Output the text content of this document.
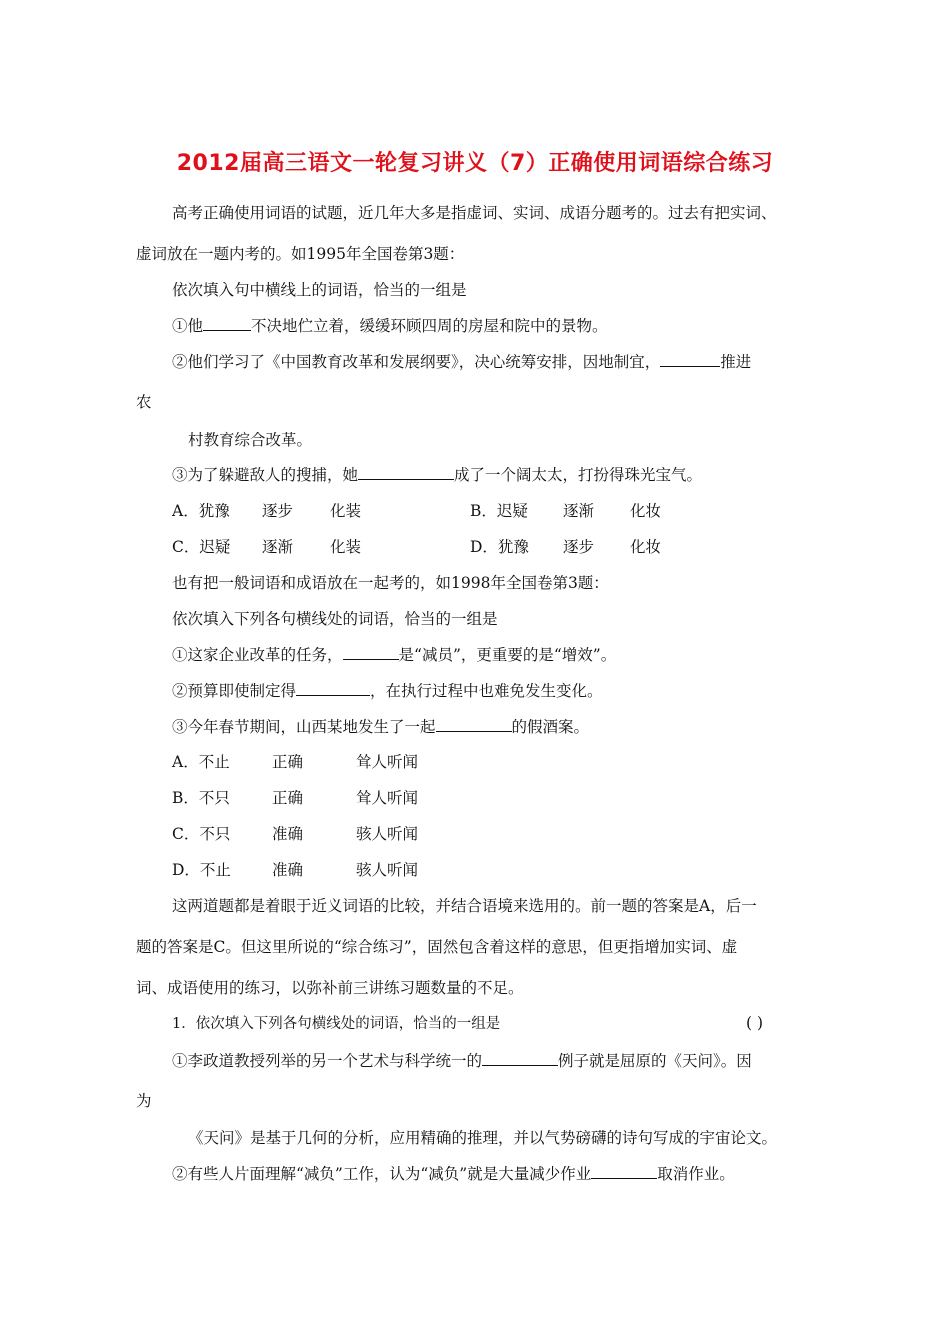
2012届高三语文一轮复习讲义（7）正确使用词语综合练习
高考正确使用词语的试题，近几年大多是指虚词、实词、成语分题考的。过去有把实词、
虚词放在一题内考的。如1995年全国卷第3题：
依次填入句中横线上的词语，恰当的一组是
①他	不决地伫立着，缓缓环顾四周的房屋和院中的景物。
②他们学习了《中国教育改革和发展纲要》，决心统筹安排，因地制宜，	推进
农
村教育综合改革。
③为了躲避敌人的搜捕，她	成了一个阔太太，打扮得珠光宝气。
A．犹豫 逐步 化装	B．迟疑 逐渐 化妆
C．迟疑 逐渐 化装	D．犹豫 逐步 化妆
也有把一般词语和成语放在一起考的，如1998年全国卷第3题：
依次填入下列各句横线处的词语，恰当的一组是
①这家企业改革的任务，	是“减员”，更重要的是“增效”。
②预算即使制定得	，在执行过程中也难免发生变化。
③今年春节期间，山西某地发生了一起	的假酒案。
A．不止	正确	耸人听闻
B．不只	正确	耸人听闻
C．不只	准确	骇人听闻
D．不止	准确	骇人听闻
这两道题都是着眼于近义词语的比较，并结合语境来选用的。前一题的答案是A，后一
题的答案是C。但这里所说的“综合练习”，固然包含着这样的意思，但更指增加实词、虚
词、成语使用的练习，以弥补前三讲练习题数量的不足。
1．依次填入下列各句横线处的词语，恰当的一组是	( )
①李政道教授列举的另一个艺术与科学统一的	例子就是屈原的《天问》。因
为
《天问》是基于几何的分析，应用精确的推理，并以气势磅礴的诗句写成的宇宙论文。
②有些人片面理解“减负”工作，认为“减负”就是大量减少作业	取消作业。
